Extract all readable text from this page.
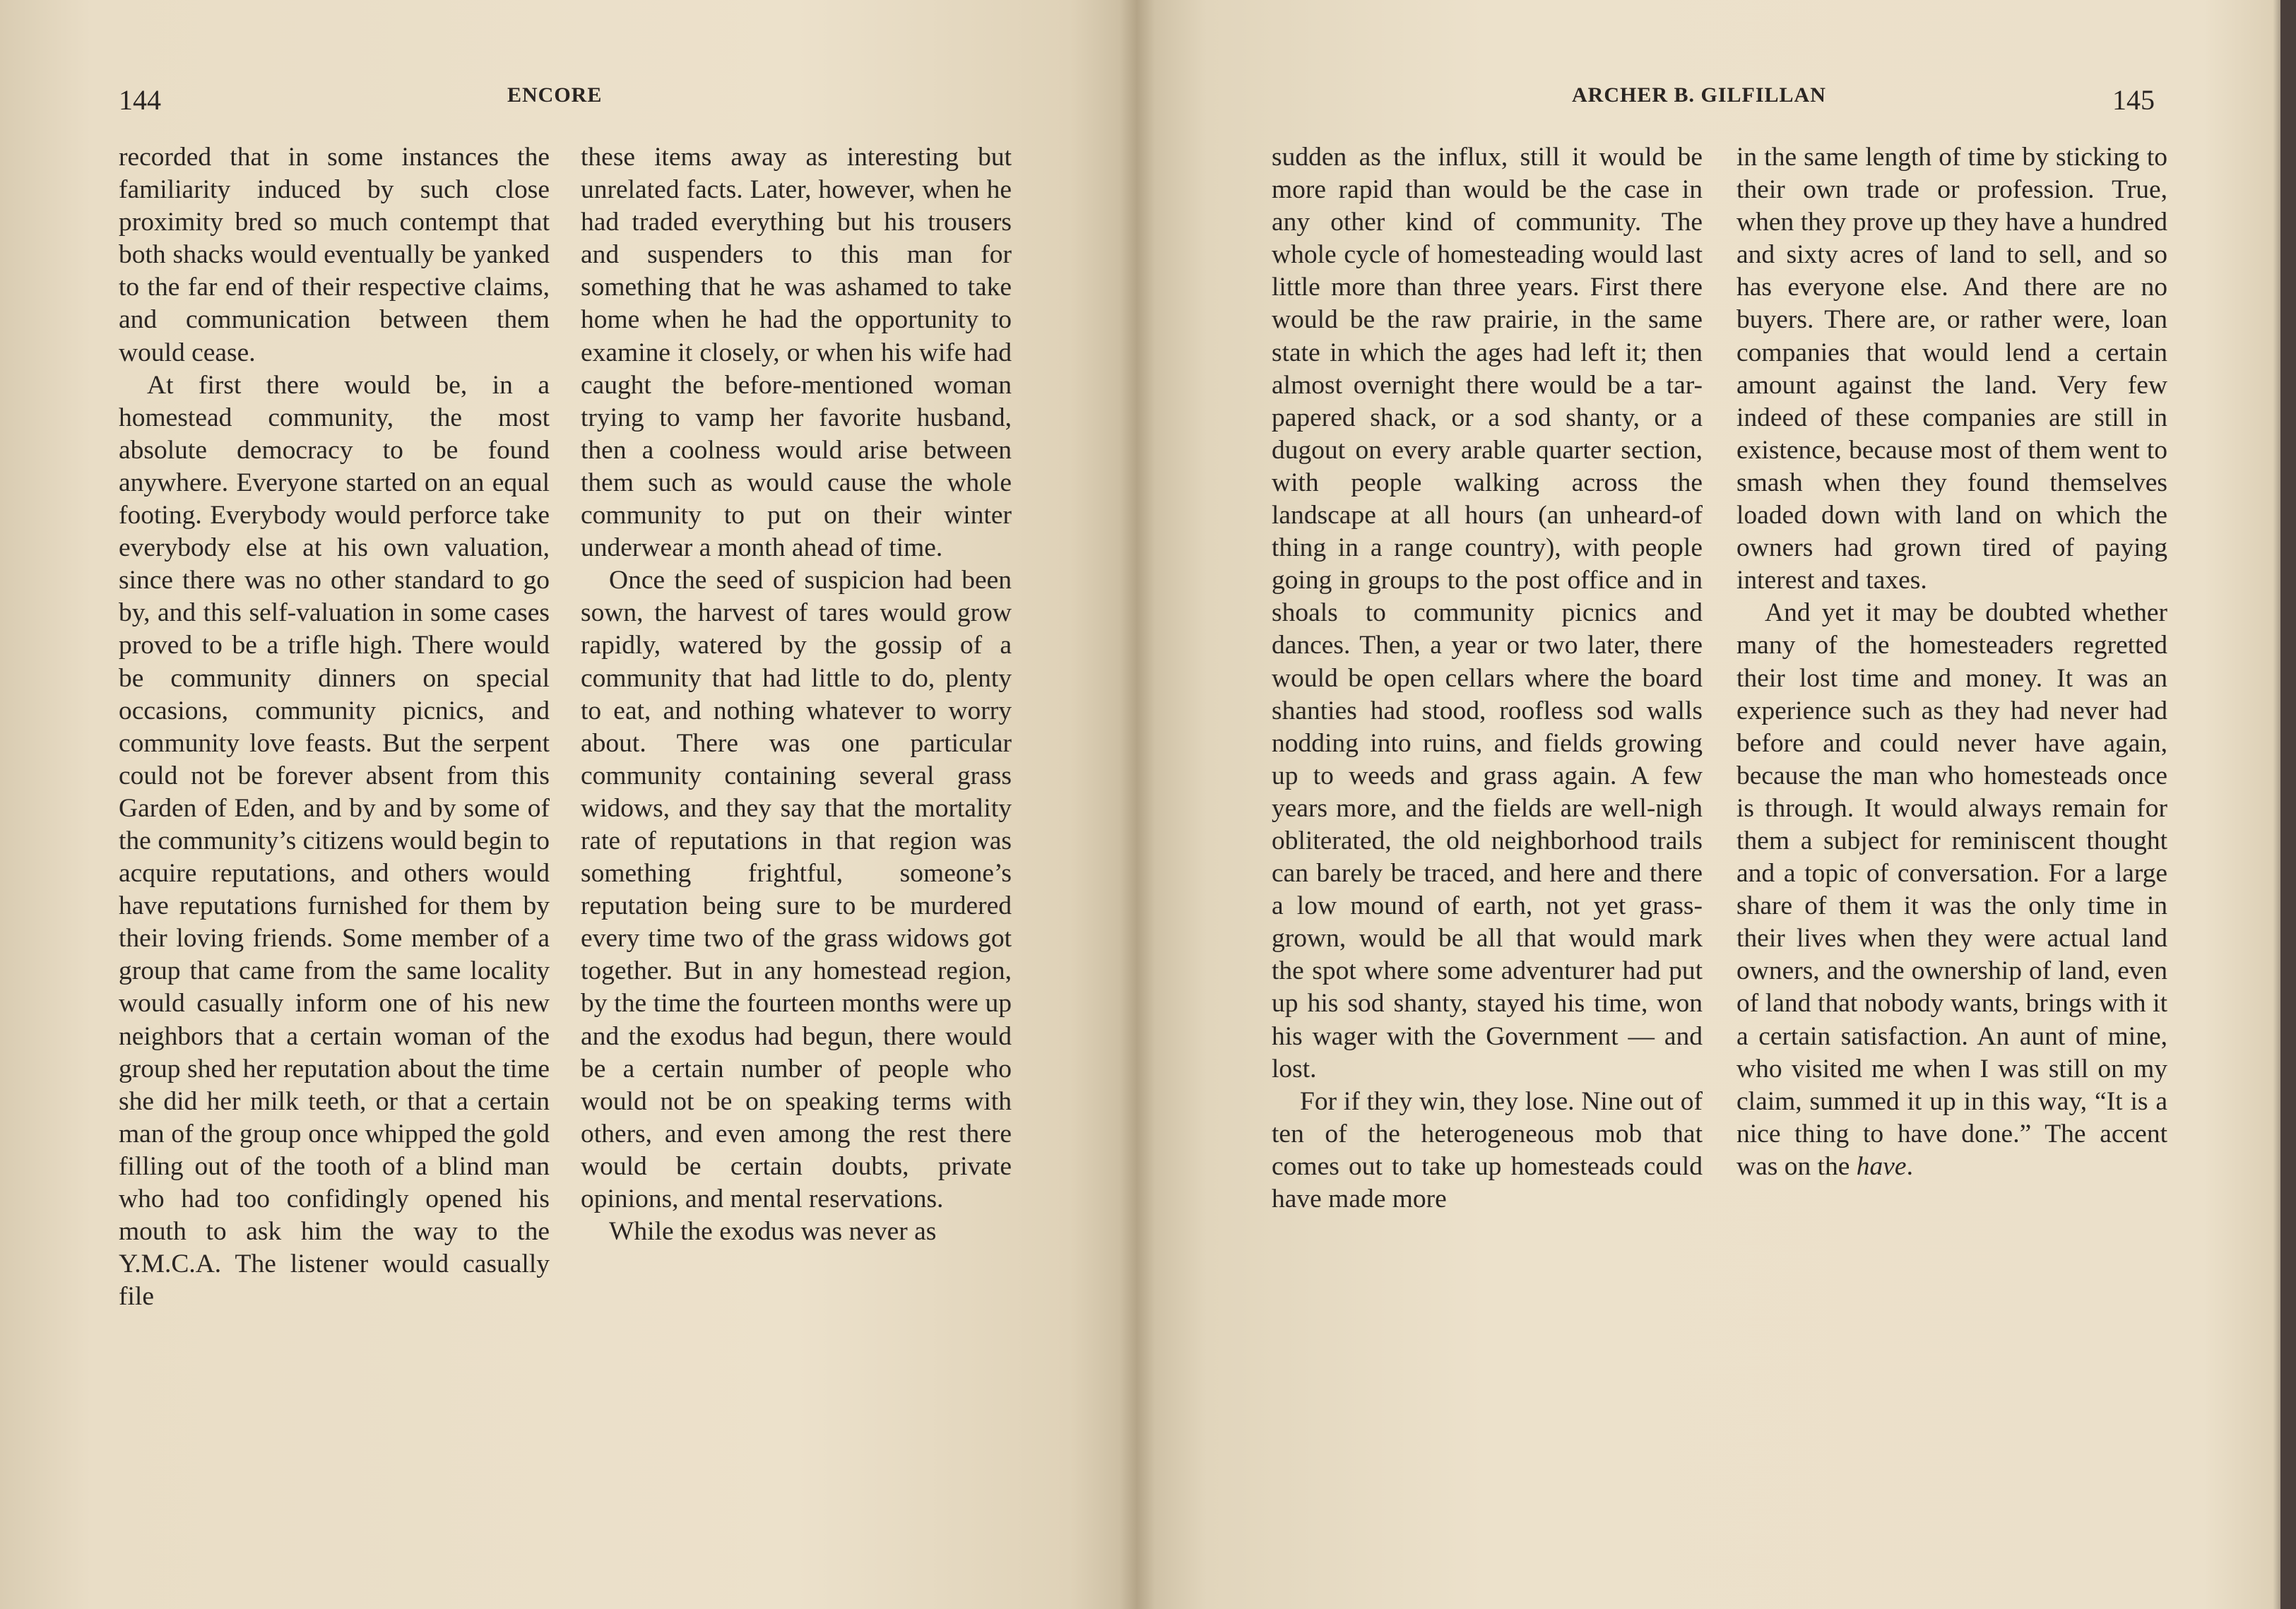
144	ENCORE

recorded that in some instances the familiarity induced by such close proximity bred so much contempt that both shacks would eventually be yanked to the far end of their respective claims, and communication between them would cease.

At first there would be, in a homestead community, the most absolute democracy to be found anywhere. Everyone started on an equal footing. Everybody would perforce take everybody else at his own valuation, since there was no other standard to go by, and this self-valuation in some cases proved to be a trifle high. There would be community dinners on special occasions, community picnics, and community love feasts. But the serpent could not be forever absent from this Garden of Eden, and by and by some of the community’s citizens would begin to acquire reputations, and others would have reputations furnished for them by their loving friends. Some member of a group that came from the same locality would casually inform one of his new neighbors that a certain woman of the group shed her reputation about the time she did her milk teeth, or that a certain man of the group once whipped the gold filling out of the tooth of a blind man who had too confidingly opened his mouth to ask him the way to the Y.M.C.A. The listener would casually file

these items away as interesting but unrelated facts. Later, however, when he had traded everything but his trousers and suspenders to this man for something that he was ashamed to take home when he had the opportunity to examine it closely, or when his wife had caught the before-mentioned woman trying to vamp her favorite husband, then a coolness would arise between them such as would cause the whole community to put on their winter underwear a month ahead of time.

Once the seed of suspicion had been sown, the harvest of tares would grow rapidly, watered by the gossip of a community that had little to do, plenty to eat, and nothing whatever to worry about. There was one particular community containing several grass widows, and they say that the mortality rate of reputations in that region was something frightful, someone’s reputation being sure to be murdered every time two of the grass widows got together. But in any homestead region, by the time the fourteen months were up and the exodus had begun, there would be a certain number of people who would not be on speaking terms with others, and even among the rest there would be certain doubts, private opinions, and mental reservations.

While the exodus was never as

ARCHER B. GILFILLAN	145

sudden as the influx, still it would be more rapid than would be the case in any other kind of community. The whole cycle of homesteading would last little more than three years. First there would be the raw prairie, in the same state in which the ages had left it; then almost overnight there would be a tar-papered shack, or a sod shanty, or a dugout on every arable quarter section, with people walking across the landscape at all hours (an unheard-of thing in a range country), with people going in groups to the post office and in shoals to community picnics and dances. Then, a year or two later, there would be open cellars where the board shanties had stood, roofless sod walls nodding into ruins, and fields growing up to weeds and grass again. A few years more, and the fields are well-nigh obliterated, the old neighborhood trails can barely be traced, and here and there a low mound of earth, not yet grass-grown, would be all that would mark the spot where some adventurer had put up his sod shanty, stayed his time, won his wager with the Government — and lost.

For if they win, they lose. Nine out of ten of the heterogeneous mob that comes out to take up homesteads could have made more

in the same length of time by sticking to their own trade or profession. True, when they prove up they have a hundred and sixty acres of land to sell, and so has everyone else. And there are no buyers. There are, or rather were, loan companies that would lend a certain amount against the land. Very few indeed of these companies are still in existence, because most of them went to smash when they found themselves loaded down with land on which the owners had grown tired of paying interest and taxes.

And yet it may be doubted whether many of the homesteaders regretted their lost time and money. It was an experience such as they had never had before and could never have again, because the man who homesteads once is through. It would always remain for them a subject for reminiscent thought and a topic of conversation. For a large share of them it was the only time in their lives when they were actual land owners, and the ownership of land, even of land that nobody wants, brings with it a certain satisfaction. An aunt of mine, who visited me when I was still on my claim, summed it up in this way, “It is a nice thing to have done.” The accent was on the have.
